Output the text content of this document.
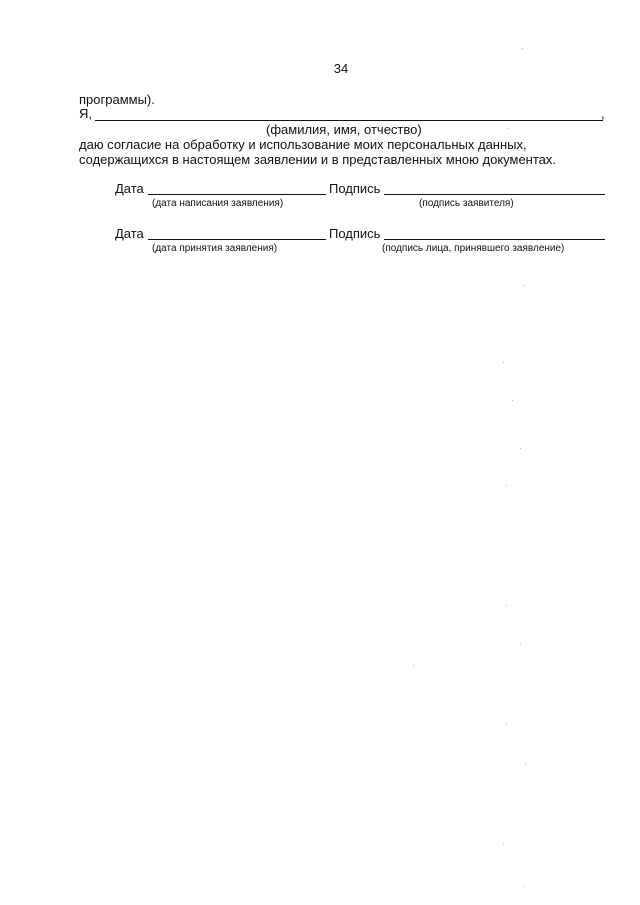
34
программы).
Я,	,
(фамилия, имя, отчество)
даю согласие на обработку и использование моих персональных данных,
содержащихся в настоящем заявлении и в представленных мною документах.
Дата
(дата написания заявления)
Подпись
(подпись заявителя)
Дата
(дата принятия заявления)
Подпись
(подпись лица, принявшего заявление)
